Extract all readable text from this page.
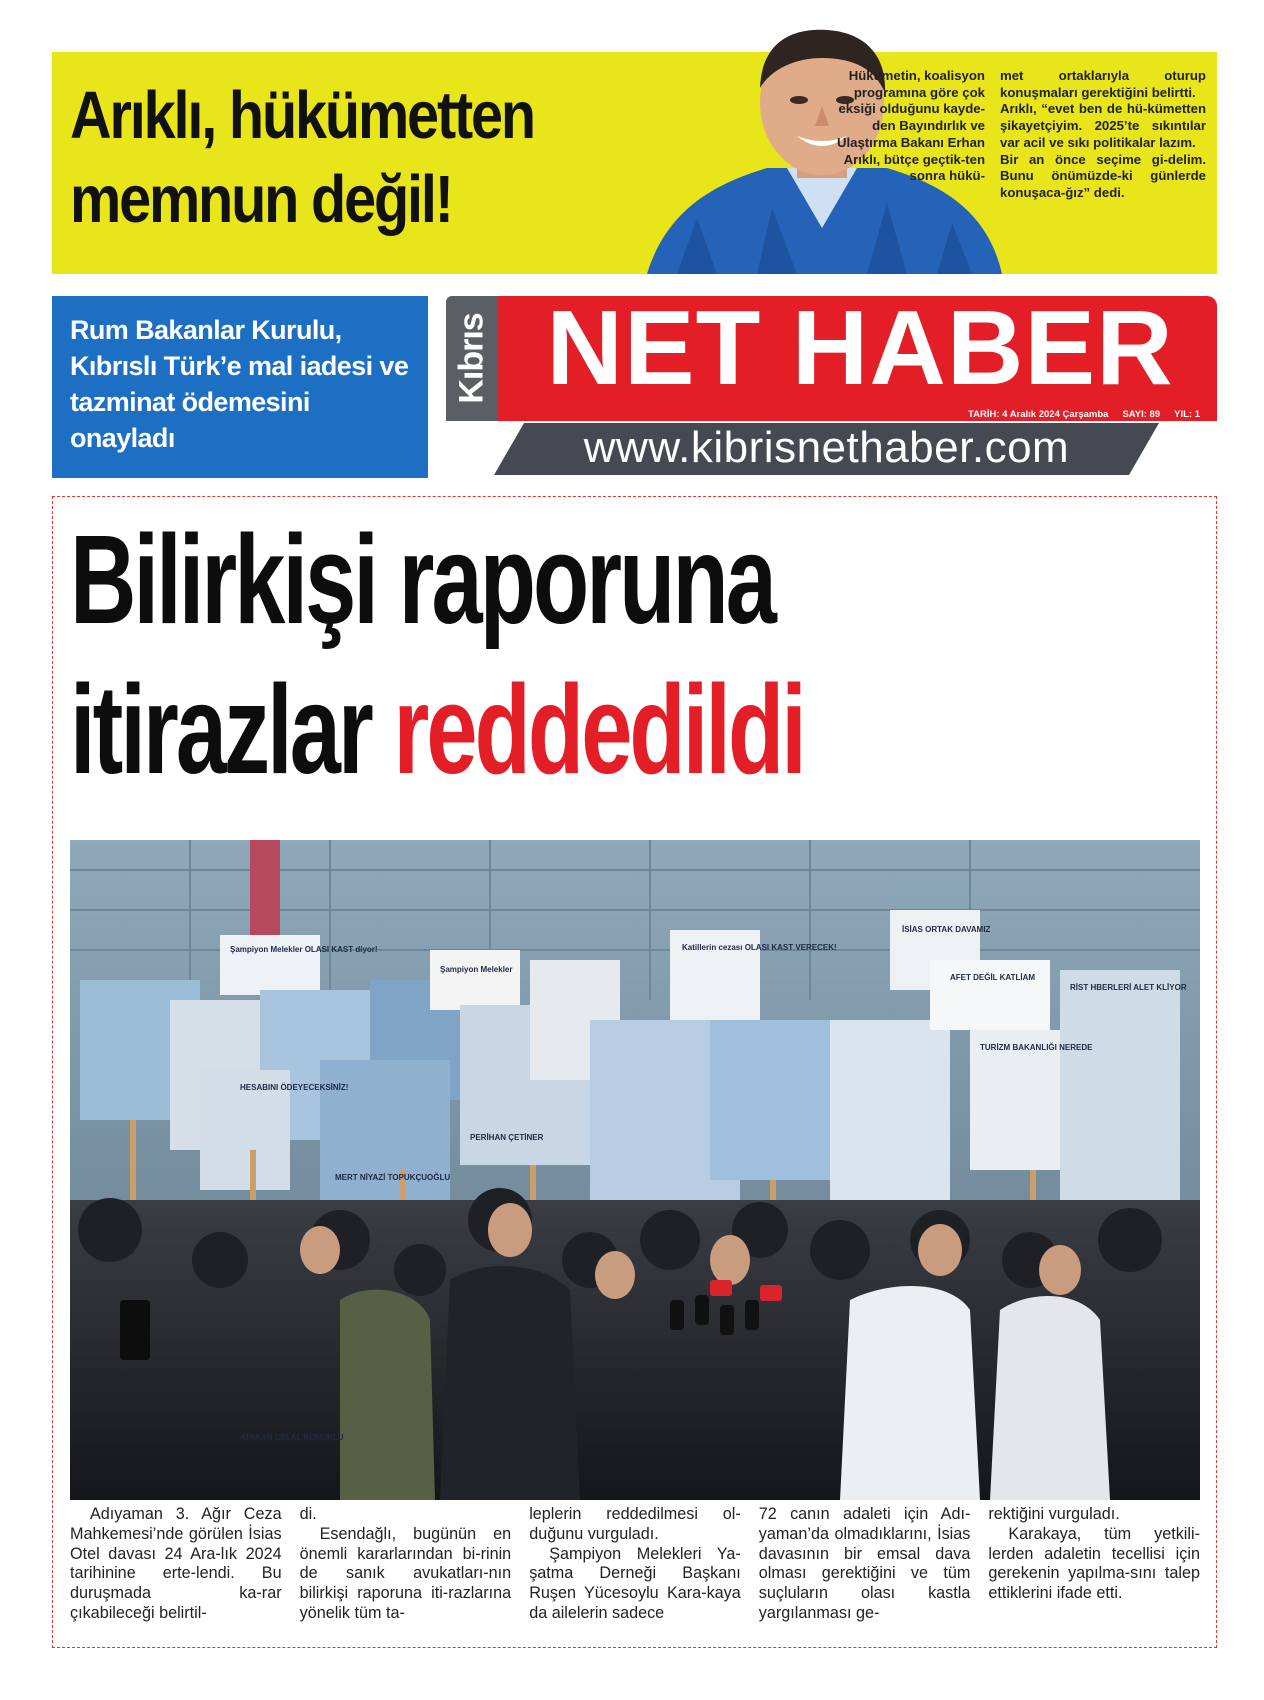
Arıklı, hükümetten
memnun değil!
Hükümetin, koalisyon programına göre çok eksiği olduğunu kayde-den Bayındırlık ve Ulaştırma Bakanı Erhan Arıklı, bütçe geçtik-ten sonra hükü-

met ortaklarıyla oturup konuşmaları gerektiğini belirtti.

Arıklı, “evet ben de hü-kümetten şikayetçiyim. 2025’te sıkıntılar var acil ve sıkı politikalar lazım.

Bir an önce seçime gi-delim. Bunu önümüzde-ki günlerde konuşaca-ğız” dedi.

Rum Bakanlar Kurulu, Kıbrıslı Türk’e mal iadesi ve tazminat ödemesini onayladı
Kıbrıs NET HABER
TARİH: 4 Aralık 2024 Çarşamba SAYI: 89 YIL: 1
www.kibrisnethaber.com
Bilirkişi raporuna
itirazlar reddedildi
Şampiyon Melekler OLASI KAST diyor!
Şampiyon Melekler
Katillerin cezası OLASI KAST VERECEK!
İSİAS ORTAK DAVAMIZ
AFET DEĞİL KATLİAM
TURİZM BAKANLIĞI NEREDE
RİST HBERLERİ ALET KLİYOR
HESABINI ÖDEYECEKSİNİZ!
MERT NİYAZİ TOPUKÇUOĞLU
PERİHAN ÇETİNER
ATAKAN CELAL KONUKLU

Adıyaman 3. Ağır Ceza Mahkemesi’nde görülen İsias Otel davası 24 Ara-lık 2024 tarihinine erte-lendi. Bu duruşmada ka-rar çıkabileceği belirtil-

di.

Esendağlı, bugünün en önemli kararlarından bi-rinin de sanık avukatları-nın bilirkişi raporuna iti-razlarına yönelik tüm ta-

leplerin reddedilmesi ol-duğunu vurguladı.

Şampiyon Melekleri Ya-şatma Derneği Başkanı Ruşen Yücesoylu Kara-kaya da ailelerin sadece

72 canın adaleti için Adı-yaman’da olmadıklarını, İsias davasının bir emsal dava olması gerektiğini ve tüm suçluların olası kastla yargılanması ge-

rektiğini vurguladı.

Karakaya, tüm yetkili-lerden adaletin tecellisi için gerekenin yapılma-sını talep ettiklerini ifade etti.
